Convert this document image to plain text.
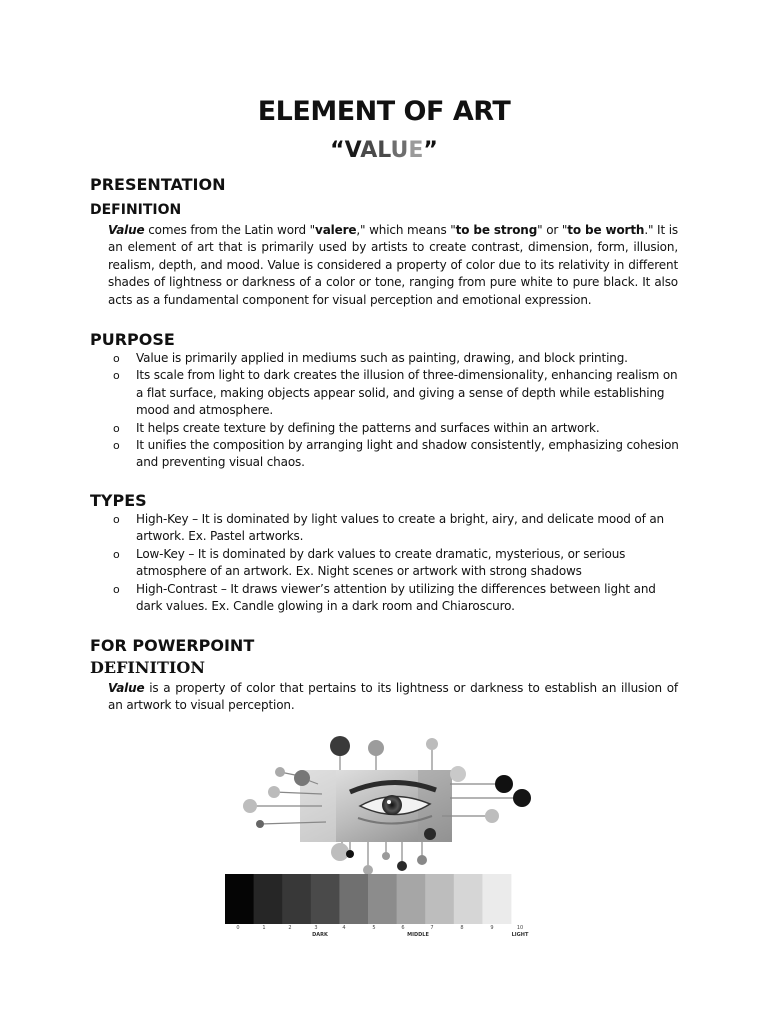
ELEMENT OF ART
“VALUE”
PRESENTATION
DEFINITION
Value comes from the Latin word "valere," which means "to be strong" or "to be worth." It is an element of art that is primarily used by artists to create contrast, dimension, form, illusion, realism, depth, and mood. Value is considered a property of color due to its relativity in different shades of lightness or darkness of a color or tone, ranging from pure white to pure black. It also acts as a fundamental component for visual perception and emotional expression.
PURPOSE
o Value is primarily applied in mediums such as painting, drawing, and block printing.
o Its scale from light to dark creates the illusion of three-dimensionality, enhancing realism on a flat surface, making objects appear solid, and giving a sense of depth while establishing mood and atmosphere.
o It helps create texture by defining the patterns and surfaces within an artwork.
o It unifies the composition by arranging light and shadow consistently, emphasizing cohesion and preventing visual chaos.
TYPES
o High-Key – It is dominated by light values to create a bright, airy, and delicate mood of an artwork. Ex. Pastel artworks.
o Low-Key – It is dominated by dark values to create dramatic, mysterious, or serious atmosphere of an artwork. Ex. Night scenes or artwork with strong shadows
o High-Contrast – It draws viewer’s attention by utilizing the differences between light and dark values. Ex. Candle glowing in a dark room and Chiaroscuro.
FOR POWERPOINT
DEFINITION
Value is a property of color that pertains to its lightness or darkness to establish an illusion of an artwork to visual perception.
0	1	2	3	4	5	6	7	8	9	10
DARK	MIDDLE	LIGHT
